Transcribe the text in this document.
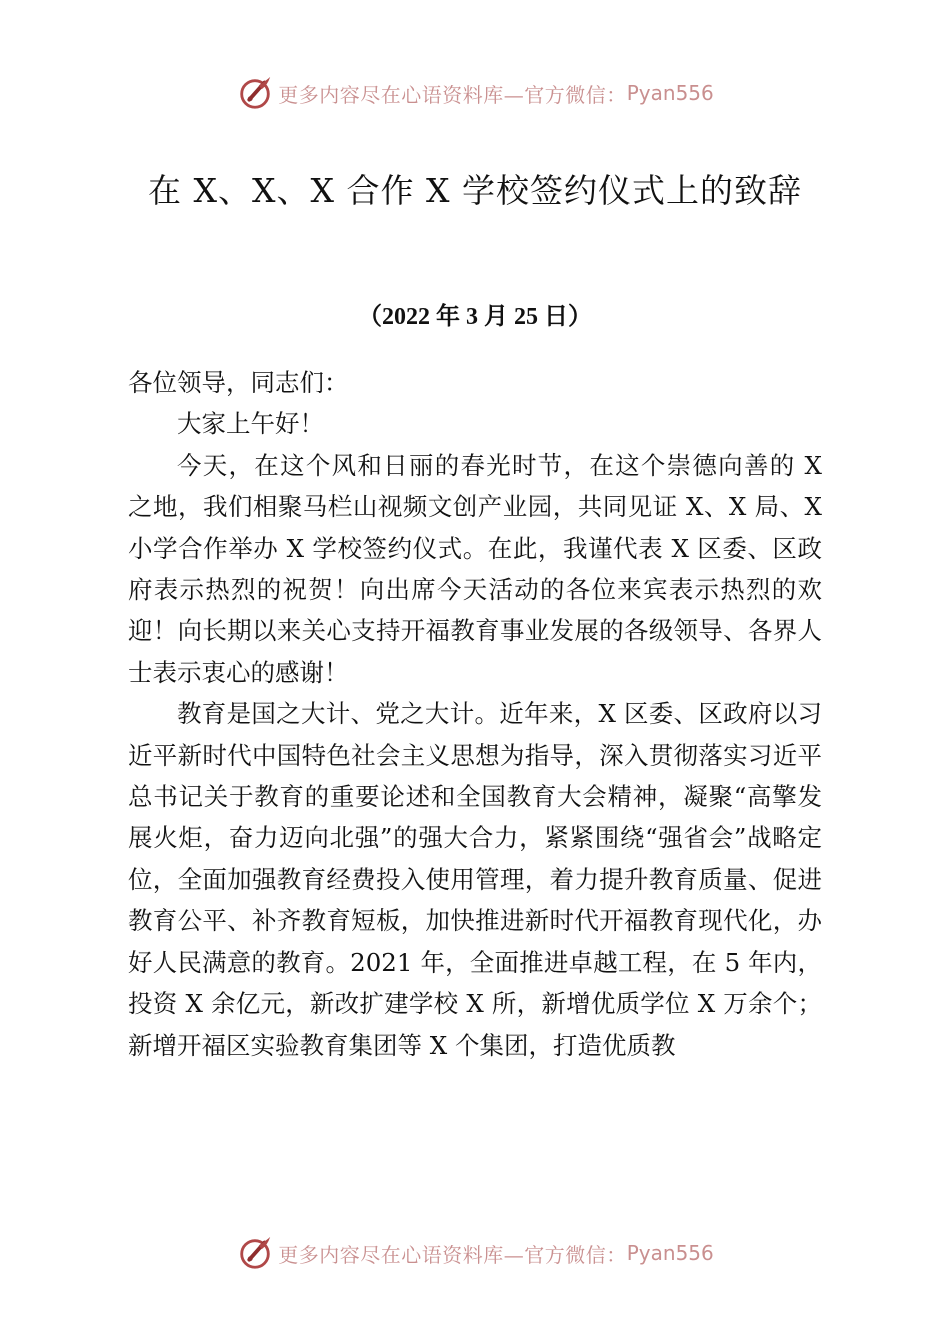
更多内容尽在心语资料库—官方微信： Pyan556
在 X、X、X 合作 X 学校签约仪式上的致辞
（2022 年 3 月 25 日）

各位领导，同志们：

大家上午好！

今天，在这个风和日丽的春光时节，在这个崇德向善的 X 之地，我们相聚马栏山视频文创产业园，共同见证 X、X 局、X 小学合作举办 X 学校签约仪式。在此，我谨代表 X 区委、区政府表示热烈的祝贺！向出席今天活动的各位来宾表示热烈的欢迎！向长期以来关心支持开福教育事业发展的各级领导、各界人士表示衷心的感谢！

教育是国之大计、党之大计。近年来，X 区委、区政府以习近平新时代中国特色社会主义思想为指导，深入贯彻落实习近平总书记关于教育的重要论述和全国教育大会精神，凝聚“高擎发展火炬，奋力迈向北强”的强大合力，紧紧围绕“强省会”战略定位，全面加强教育经费投入使用管理，着力提升教育质量、促进教育公平、补齐教育短板，加快推进新时代开福教育现代化，办好人民满意的教育。2021 年，全面推进卓越工程，在 5 年内，投资 X 余亿元，新改扩建学校 X 所，新增优质学位 X 万余个；新增开福区实验教育集团等 X 个集团，打造优质教

更多内容尽在心语资料库—官方微信： Pyan556
